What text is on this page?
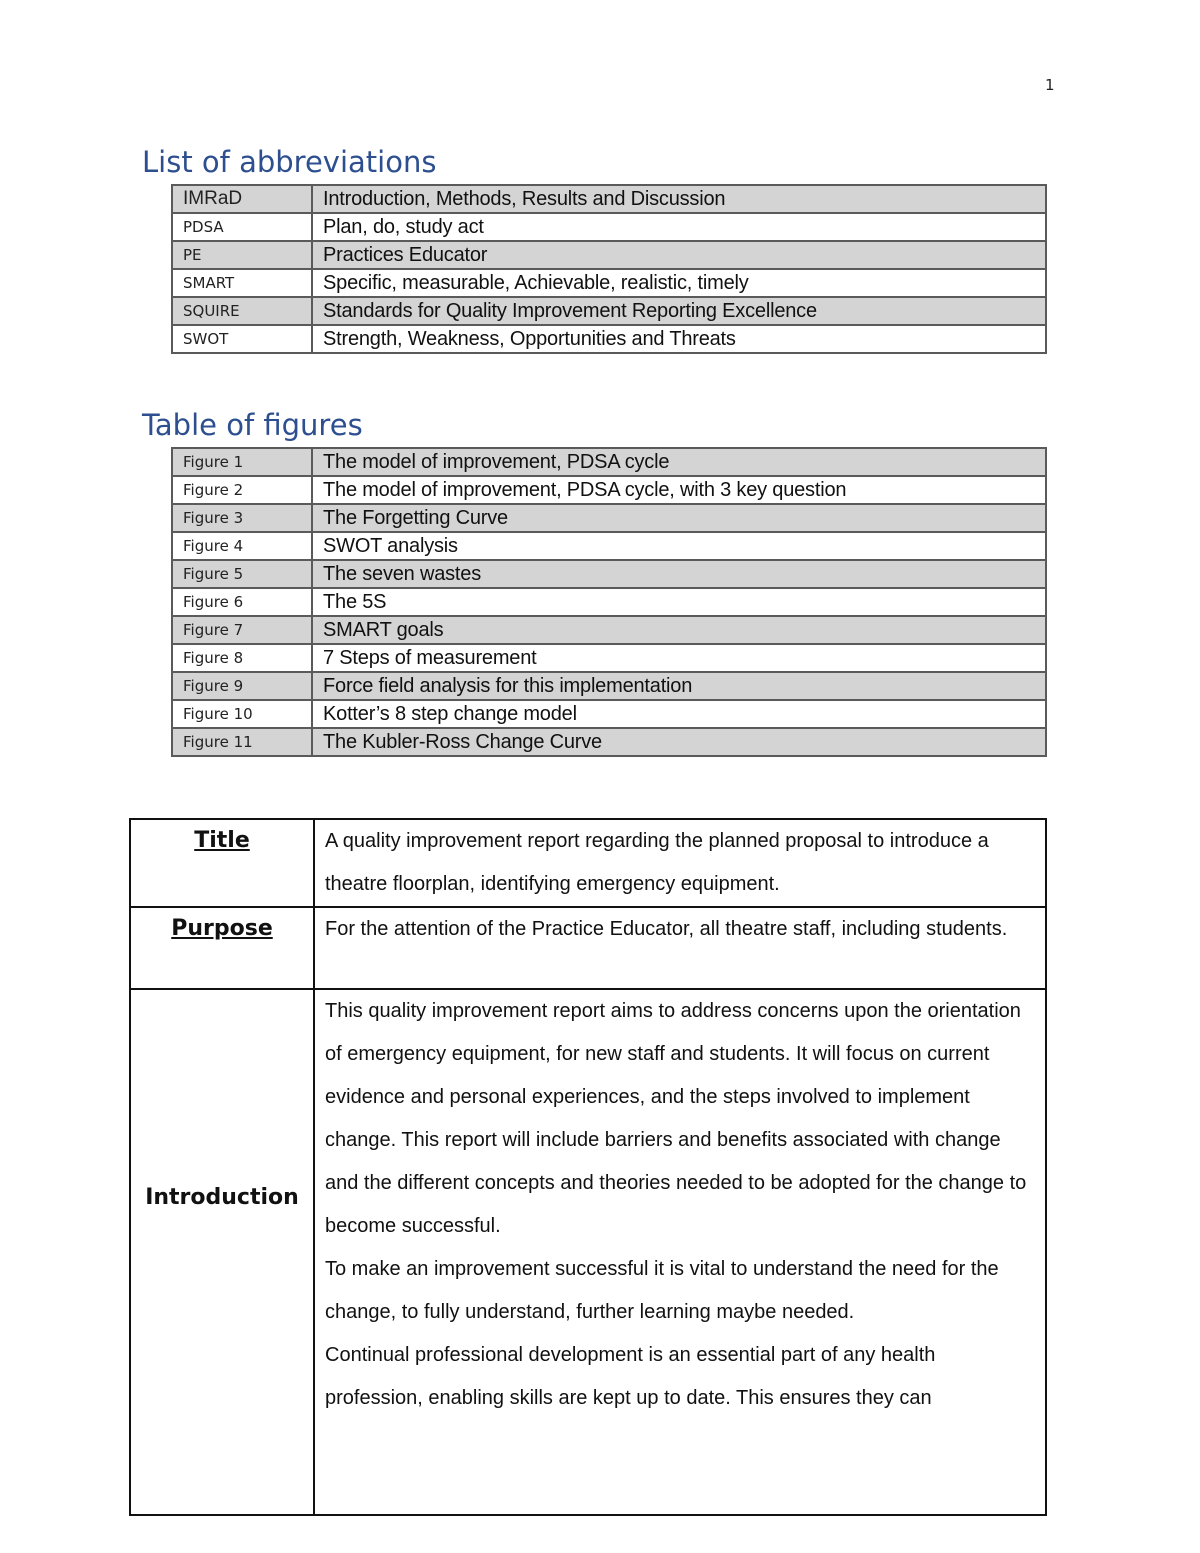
1
List of abbreviations
IMRaD	Introduction, Methods, Results and Discussion
PDSA	Plan, do, study act
PE	Practices Educator
SMART	Specific, measurable, Achievable, realistic, timely
SQUIRE	Standards for Quality Improvement Reporting Excellence
SWOT	Strength, Weakness, Opportunities and Threats
Table of figures
Figure 1	The model of improvement, PDSA cycle
Figure 2	The model of improvement, PDSA cycle, with 3 key question
Figure 3	The Forgetting Curve
Figure 4	SWOT analysis
Figure 5	The seven wastes
Figure 6	The 5S
Figure 7	SMART goals
Figure 8	7 Steps of measurement
Figure 9	Force field analysis for this implementation
Figure 10	Kotter’s 8 step change model
Figure 11	The Kubler-Ross Change Curve
Title	A quality improvement report regarding the planned proposal to introduce a theatre floorplan, identifying emergency equipment.
Purpose	For the attention of the Practice Educator, all theatre staff, including students.
Introduction	This quality improvement report aims to address concerns upon the orientation of emergency equipment, for new staff and students. It will focus on current evidence and personal experiences, and the steps involved to implement change. This report will include barriers and benefits associated with change and the different concepts and theories needed to be adopted for the change to become successful.

To make an improvement successful it is vital to understand the need for the change, to fully understand, further learning maybe needed.

Continual professional development is an essential part of any health profession, enabling skills are kept up to date. This ensures they can
